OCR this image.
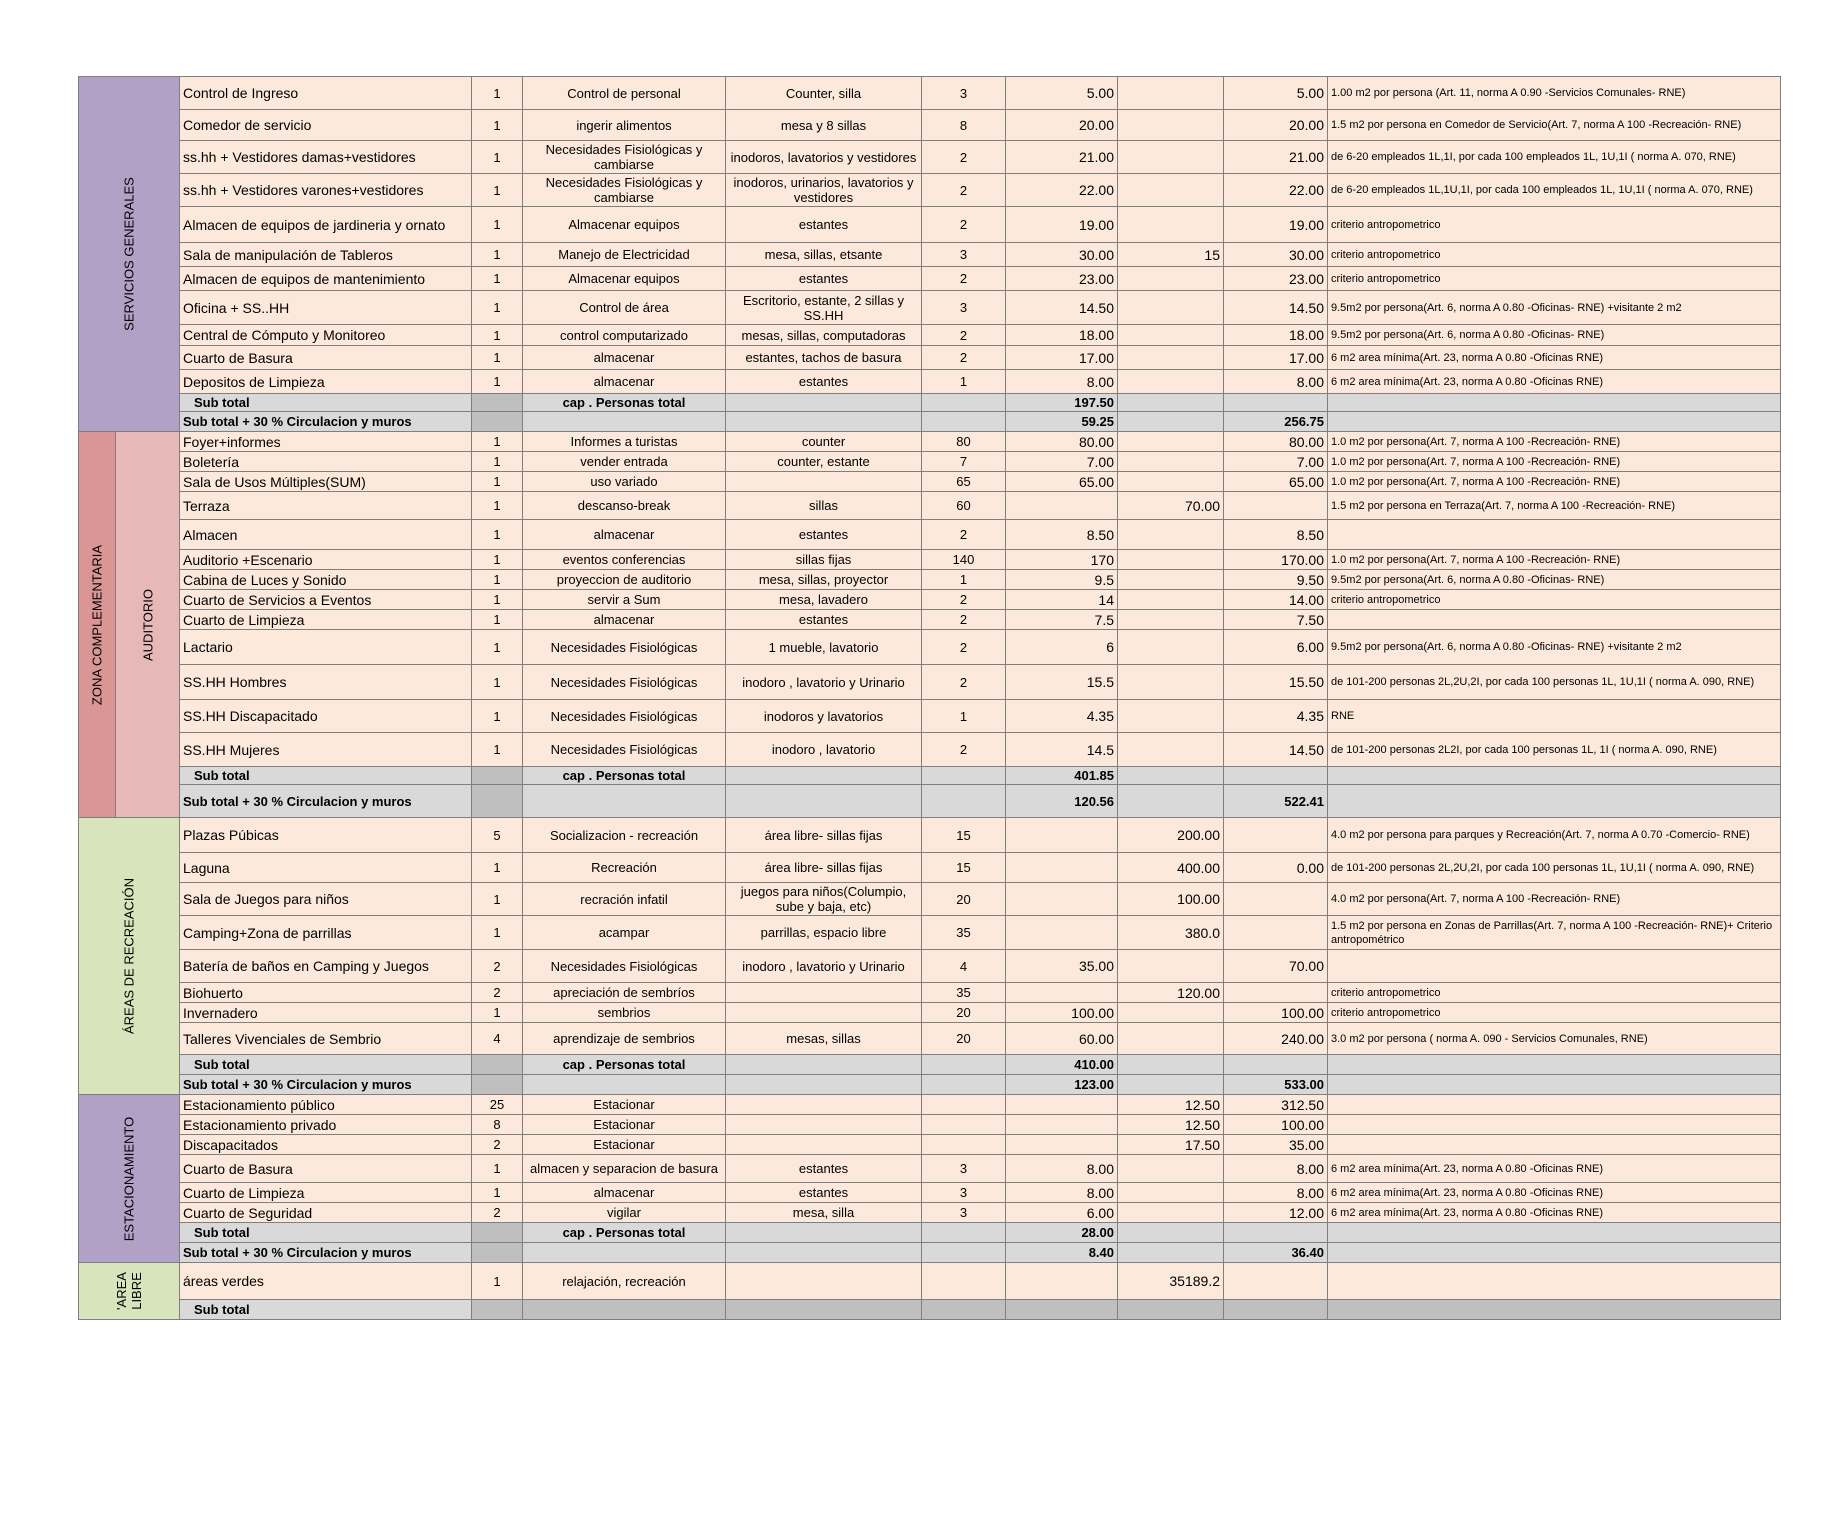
SERVICIOS GENERALES		Control de Ingreso	1	Control de personal	Counter, silla	3	5.00		5.00	1.00 m2 por persona (Art. 11, norma A 0.90 -Servicios Comunales- RNE)
		Comedor de servicio	1	ingerir alimentos	mesa y 8 sillas	8	20.00		20.00	1.5 m2 por persona en Comedor de Servicio(Art. 7, norma A 100 -Recreación- RNE)
		ss.hh + Vestidores damas+vestidores	1	Necesidades Fisiológicas y cambiarse	inodoros, lavatorios y vestidores	2	21.00		21.00	de 6-20 empleados 1L,1I, por cada 100 empleados 1L, 1U,1I ( norma A. 070, RNE)
		ss.hh + Vestidores varones+vestidores	1	Necesidades Fisiológicas y cambiarse	inodoros, urinarios, lavatorios y vestidores	2	22.00		22.00	de 6-20 empleados 1L,1U,1I, por cada 100 empleados 1L, 1U,1I ( norma A. 070, RNE)
		Almacen de equipos de jardineria y ornato	1	Almacenar equipos	estantes	2	19.00		19.00	criterio antropometrico
		Sala de manipulación de Tableros	1	Manejo de Electricidad	mesa, sillas, etsante	3	30.00	15	30.00	criterio antropometrico
		Almacen de equipos de mantenimiento	1	Almacenar equipos	estantes	2	23.00		23.00	criterio antropometrico
		Oficina + SS..HH	1	Control de área	Escritorio, estante, 2 sillas y SS.HH	3	14.50		14.50	9.5m2 por persona(Art. 6, norma A 0.80 -Oficinas- RNE) +visitante 2 m2
		Central de Cómputo y Monitoreo	1	control computarizado	mesas, sillas, computadoras	2	18.00		18.00	9.5m2 por persona(Art. 6, norma A 0.80 -Oficinas- RNE)
		Cuarto de Basura	1	almacenar	estantes, tachos de basura	2	17.00		17.00	6 m2 area mínima(Art. 23, norma A 0.80 -Oficinas RNE)
		Depositos de Limpieza	1	almacenar	estantes	1	8.00		8.00	6 m2 area mínima(Art. 23, norma A 0.80 -Oficinas RNE)
		Sub total		cap . Personas total			197.50			
		Sub total + 30 % Circulacion y muros					59.25		256.75	

ZONA COMPLEMENTARIA	AUDITORIO	Foyer+informes	1	Informes a turistas	counter	80	80.00		80.00	1.0 m2 por persona(Art. 7, norma A 100 -Recreación- RNE)
		Boletería	1	vender entrada	counter, estante	7	7.00		7.00	1.0 m2 por persona(Art. 7, norma A 100 -Recreación- RNE)
		Sala de Usos Múltiples(SUM)	1	uso variado		65	65.00		65.00	1.0 m2 por persona(Art. 7, norma A 100 -Recreación- RNE)
		Terraza	1	descanso-break	sillas	60		70.00		1.5 m2 por persona en Terraza(Art. 7, norma A 100 -Recreación- RNE)
		Almacen	1	almacenar	estantes	2	8.50		8.50	
		Auditorio +Escenario	1	eventos conferencias	sillas fijas	140	170		170.00	1.0 m2 por persona(Art. 7, norma A 100 -Recreación- RNE)
		Cabina de Luces y Sonido	1	proyeccion de auditorio	mesa, sillas, proyector	1	9.5		9.50	9.5m2 por persona(Art. 6, norma A 0.80 -Oficinas- RNE)
		Cuarto de Servicios a Eventos	1	servir a Sum	mesa, lavadero	2	14		14.00	criterio antropometrico
		Cuarto de Limpieza	1	almacenar	estantes	2	7.5		7.50	
		Lactario	1	Necesidades Fisiológicas	1 mueble, lavatorio	2	6		6.00	9.5m2 por persona(Art. 6, norma A 0.80 -Oficinas- RNE) +visitante 2 m2
		SS.HH Hombres	1	Necesidades Fisiológicas	inodoro , lavatorio y Urinario	2	15.5		15.50	de 101-200 personas 2L,2U,2I, por cada 100 personas 1L, 1U,1I ( norma A. 090, RNE)
		SS.HH Discapacitado	1	Necesidades Fisiológicas	inodoros y lavatorios	1	4.35		4.35	RNE
		SS.HH Mujeres	1	Necesidades Fisiológicas	inodoro , lavatorio	2	14.5		14.50	de 101-200 personas 2L2I, por cada 100 personas 1L, 1I ( norma A. 090, RNE)
		Sub total		cap . Personas total			401.85			
		Sub total + 30 % Circulacion y muros					120.56		522.41	

ÁREAS DE RECREACIÓN		Plazas Púbicas	5	Socializacion - recreación	área libre- sillas fijas	15		200.00		4.0 m2 por persona para parques y Recreación(Art. 7, norma A 0.70 -Comercio- RNE)
		Laguna	1	Recreación	área libre- sillas fijas	15		400.00	0.00	de 101-200 personas 2L,2U,2I, por cada 100 personas 1L, 1U,1I ( norma A. 090, RNE)
		Sala de Juegos para niños	1	recración infatil	juegos para niños(Columpio, sube y baja, etc)	20		100.00		4.0 m2 por persona(Art. 7, norma A 100 -Recreación- RNE)
		Camping+Zona de parrillas	1	acampar	parrillas, espacio libre	35		380.0		1.5 m2 por persona en Zonas de Parrillas(Art. 7, norma A 100 -Recreación- RNE)+ Criterio antropométrico
		Batería de baños en Camping y Juegos	2	Necesidades Fisiológicas	inodoro , lavatorio y Urinario	4	35.00		70.00	
		Biohuerto	2	apreciación de sembríos		35		120.00		criterio antropometrico
		Invernadero	1	sembrios		20	100.00		100.00	criterio antropometrico
		Talleres Vivenciales de Sembrio	4	aprendizaje de sembrios	mesas, sillas	20	60.00		240.00	3.0 m2 por persona ( norma A. 090 - Servicios Comunales, RNE)
		Sub total		cap . Personas total			410.00			
		Sub total + 30 % Circulacion y muros					123.00		533.00	

ESTACIONAMIENTO		Estacionamiento público	25	Estacionar				12.50	312.50	
		Estacionamiento privado	8	Estacionar				12.50	100.00	
		Discapacitados	2	Estacionar				17.50	35.00	
		Cuarto de Basura	1	almacen y separacion de basura	estantes	3	8.00		8.00	6 m2 area mínima(Art. 23, norma A 0.80 -Oficinas RNE)
		Cuarto de Limpieza	1	almacenar	estantes	3	8.00		8.00	6 m2 area mínima(Art. 23, norma A 0.80 -Oficinas RNE)
		Cuarto de Seguridad	2	vigilar	mesa, silla	3	6.00		12.00	6 m2 area mínima(Art. 23, norma A 0.80 -Oficinas RNE)
		Sub total		cap . Personas total			28.00			
		Sub total + 30 % Circulacion y muros					8.40		36.40	

'AREA LIBRE		áreas verdes	1	relajación, recreación				35189.2		
		Sub total								
